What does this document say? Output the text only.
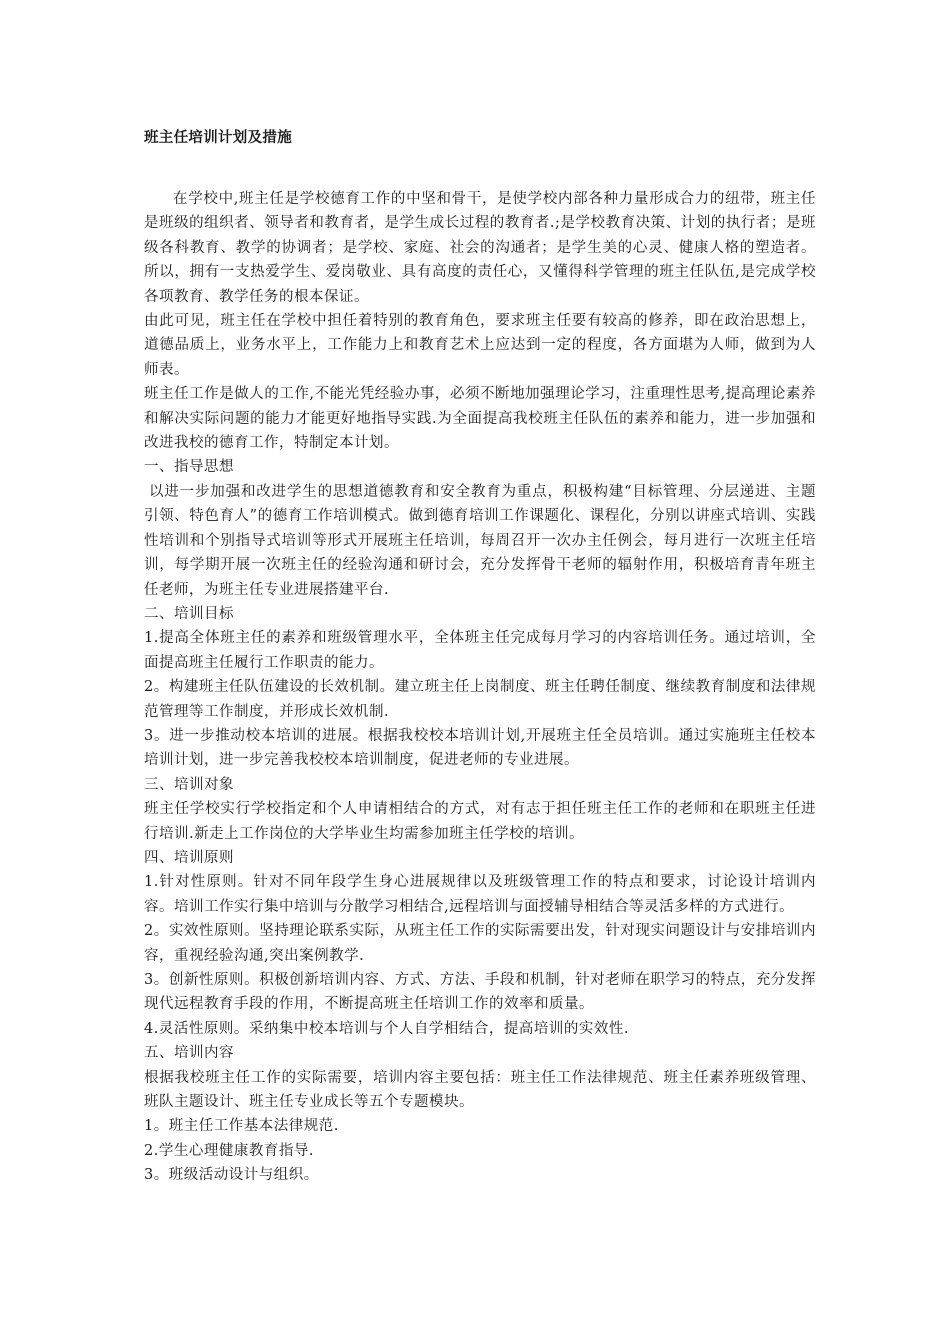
班主任培训计划及措施

在学校中,班主任是学校德育工作的中坚和骨干，是使学校内部各种力量形成合力的纽带，班主任是班级的组织者、领导者和教育者，是学生成长过程的教育者.;是学校教育决策、计划的执行者；是班级各科教育、教学的协调者；是学校、家庭、社会的沟通者；是学生美的心灵、健康人格的塑造者。所以，拥有一支热爱学生、爱岗敬业、具有高度的责任心，又懂得科学管理的班主任队伍,是完成学校各项教育、教学任务的根本保证。

由此可见，班主任在学校中担任着特别的教育角色，要求班主任要有较高的修养，即在政治思想上，道德品质上，业务水平上，工作能力上和教育艺术上应达到一定的程度，各方面堪为人师，做到为人师表。

班主任工作是做人的工作,不能光凭经验办事，必须不断地加强理论学习，注重理性思考,提高理论素养和解决实际问题的能力才能更好地指导实践.为全面提高我校班主任队伍的素养和能力，进一步加强和改进我校的德育工作，特制定本计划。

一、指导思想

以进一步加强和改进学生的思想道德教育和安全教育为重点，积极构建“目标管理、分层递进、主题引领、特色育人”的德育工作培训模式。做到德育培训工作课题化、课程化，分别以讲座式培训、实践性培训和个别指导式培训等形式开展班主任培训，每周召开一次办主任例会，每月进行一次班主任培训，每学期开展一次班主任的经验沟通和研讨会，充分发挥骨干老师的辐射作用，积极培育青年班主任老师，为班主任专业进展搭建平台.

二、培训目标

1.提高全体班主任的素养和班级管理水平，全体班主任完成每月学习的内容培训任务。通过培训，全面提高班主任履行工作职责的能力。

2。构建班主任队伍建设的长效机制。建立班主任上岗制度、班主任聘任制度、继续教育制度和法律规范管理等工作制度，并形成长效机制.

3。进一步推动校本培训的进展。根据我校校本培训计划,开展班主任全员培训。通过实施班主任校本培训计划，进一步完善我校校本培训制度，促进老师的专业进展。

三、培训对象

班主任学校实行学校指定和个人申请相结合的方式，对有志于担任班主任工作的老师和在职班主任进行培训.新走上工作岗位的大学毕业生均需参加班主任学校的培训。

四、培训原则

1.针对性原则。针对不同年段学生身心进展规律以及班级管理工作的特点和要求，讨论设计培训内容。培训工作实行集中培训与分散学习相结合,远程培训与面授辅导相结合等灵活多样的方式进行。

2。实效性原则。坚持理论联系实际，从班主任工作的实际需要出发，针对现实问题设计与安排培训内容，重视经验沟通,突出案例教学.

3。创新性原则。积极创新培训内容、方式、方法、手段和机制，针对老师在职学习的特点，充分发挥现代远程教育手段的作用，不断提高班主任培训工作的效率和质量。

4.灵活性原则。采纳集中校本培训与个人自学相结合，提高培训的实效性.

五、培训内容

根据我校班主任工作的实际需要，培训内容主要包括：班主任工作法律规范、班主任素养班级管理、班队主题设计、班主任专业成长等五个专题模块。

1。班主任工作基本法律规范.

2.学生心理健康教育指导.

3。班级活动设计与组织。
